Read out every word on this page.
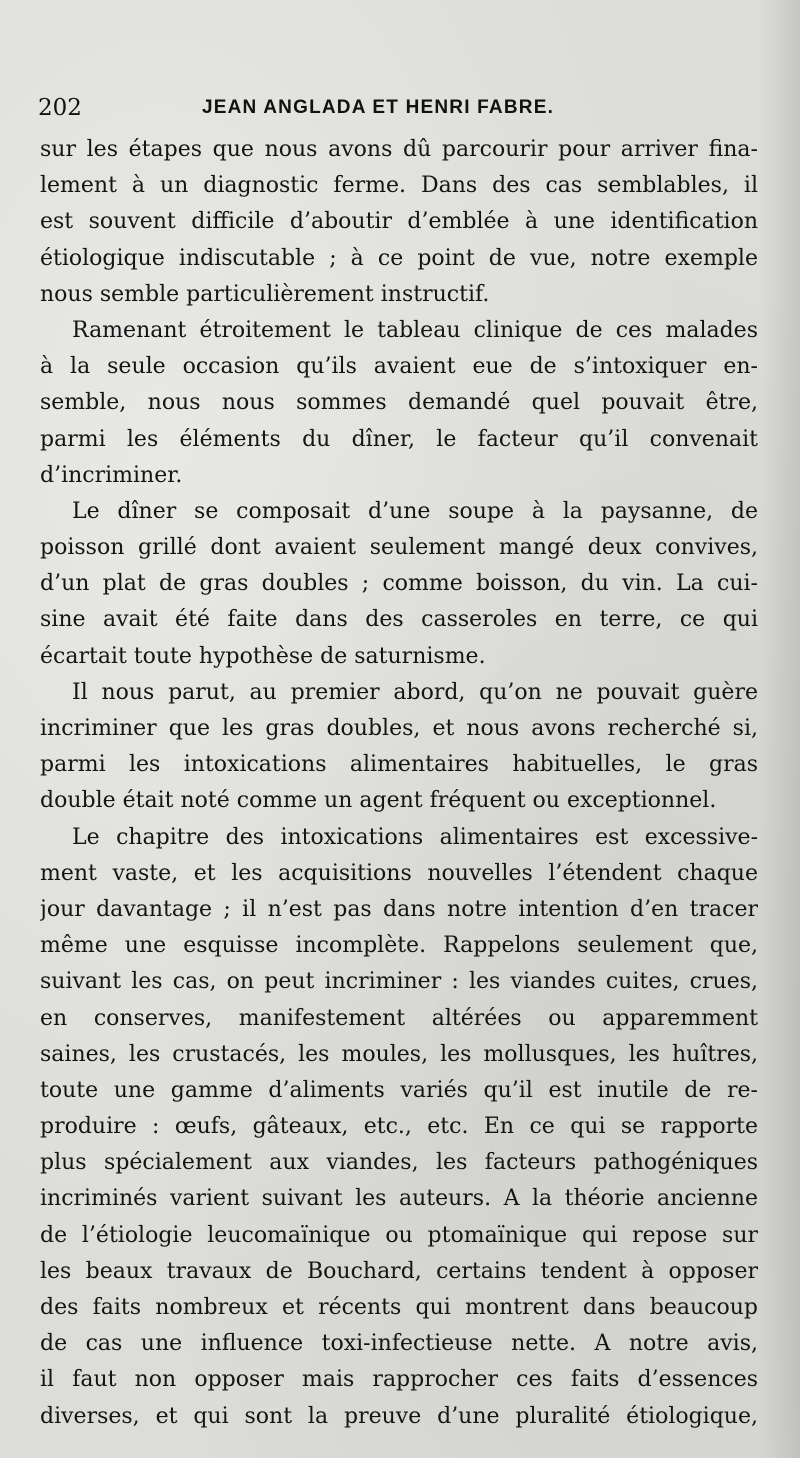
202	JEAN ANGLADA ET HENRI FABRE.
sur les étapes que nous avons dû parcourir pour arriver fina-
lement à un diagnostic ferme. Dans des cas semblables, il
est souvent difficile d’aboutir d’emblée à une identification
étiologique indiscutable ; à ce point de vue, notre exemple
nous semble particulièrement instructif.
Ramenant étroitement le tableau clinique de ces malades
à la seule occasion qu’ils avaient eue de s’intoxiquer en-
semble, nous nous sommes demandé quel pouvait être,
parmi les éléments du dîner, le facteur qu’il convenait
d’incriminer.
Le dîner se composait d’une soupe à la paysanne, de
poisson grillé dont avaient seulement mangé deux convives,
d’un plat de gras doubles ; comme boisson, du vin. La cui-
sine avait été faite dans des casseroles en terre, ce qui
écartait toute hypothèse de saturnisme.
Il nous parut, au premier abord, qu’on ne pouvait guère
incriminer que les gras doubles, et nous avons recherché si,
parmi les intoxications alimentaires habituelles, le gras
double était noté comme un agent fréquent ou exceptionnel.
Le chapitre des intoxications alimentaires est excessive-
ment vaste, et les acquisitions nouvelles l’étendent chaque
jour davantage ; il n’est pas dans notre intention d’en tracer
même une esquisse incomplète. Rappelons seulement que,
suivant les cas, on peut incriminer : les viandes cuites, crues,
en conserves, manifestement altérées ou apparemment
saines, les crustacés, les moules, les mollusques, les huîtres,
toute une gamme d’aliments variés qu’il est inutile de re-
produire : œufs, gâteaux, etc., etc. En ce qui se rapporte
plus spécialement aux viandes, les facteurs pathogéniques
incriminés varient suivant les auteurs. A la théorie ancienne
de l’étiologie leucomaïnique ou ptomaïnique qui repose sur
les beaux travaux de Bouchard, certains tendent à opposer
des faits nombreux et récents qui montrent dans beaucoup
de cas une influence toxi-infectieuse nette. A notre avis,
il faut non opposer mais rapprocher ces faits d’essences
diverses, et qui sont la preuve d’une pluralité étiologique,
